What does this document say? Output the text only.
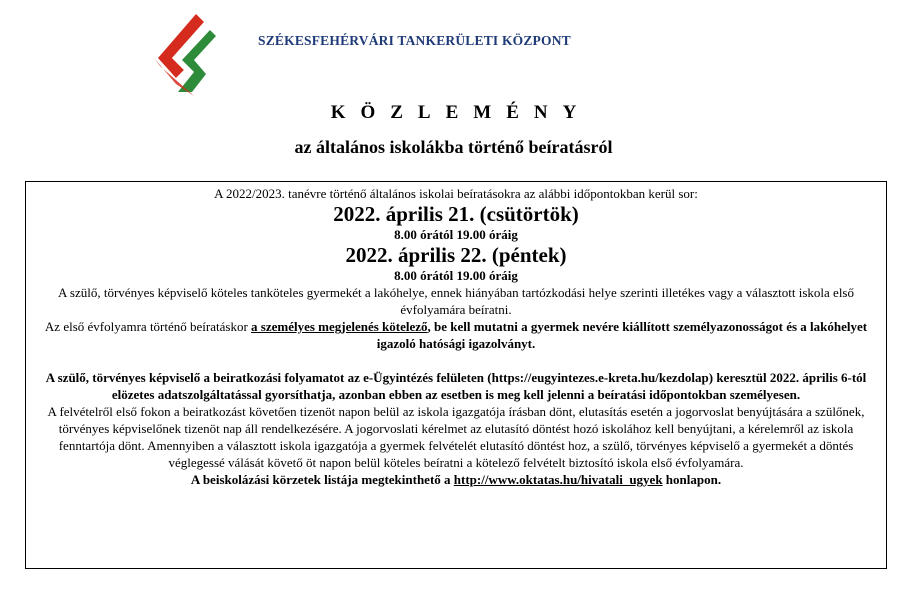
SZÉKESFEHÉRVÁRI TANKERÜLETI KÖZPONT
KÖZLEMÉNY
az általános iskolákba történő beíratásról

A 2022/2023. tanévre történő általános iskolai beíratásokra az alábbi időpontokban kerül sor:

2022. április 21. (csütörtök)

8.00 órától 19.00 óráig

2022. április 22. (péntek)

8.00 órától 19.00 óráig

A szülő, törvényes képviselő köteles tanköteles gyermekét a lakóhelye, ennek hiányában tartózkodási helye szerinti illetékes vagy a választott iskola első évfolyamára beíratni.

Az első évfolyamra történő beíratáskor a személyes megjelenés kötelező, be kell mutatni a gyermek nevére kiállított személyazonosságot és a lakóhelyet igazoló hatósági igazolványt.

A szülő, törvényes képviselő a beiratkozási folyamatot az e-Ügyintézés felületen (https://eugyintezes.e-kreta.hu/kezdolap) keresztül 2022. április 6-tól elözetes adatszolgáltatással gyorsíthatja, azonban ebben az esetben is meg kell jelenni a beíratási időpontokban személyesen.

A felvételről első fokon a beiratkozást követően tizenöt napon belül az iskola igazgatója írásban dönt, elutasítás esetén a jogorvoslat benyújtására a szülőnek, törvényes képviselőnek tizenöt nap áll rendelkezésére. A jogorvoslati kérelmet az elutasító döntést hozó iskolához kell benyújtani, a kérelemről az iskola fenntartója dönt. Amennyiben a választott iskola igazgatója a gyermek felvételét elutasító döntést hoz, a szülő, törvényes képviselő a gyermekét a döntés véglegessé válását követő öt napon belül köteles beíratni a kötelező felvételt biztosító iskola első évfolyamára.

A beiskolázási körzetek listája megtekinthető a http://www.oktatas.hu/hivatali_ugyek honlapon.
